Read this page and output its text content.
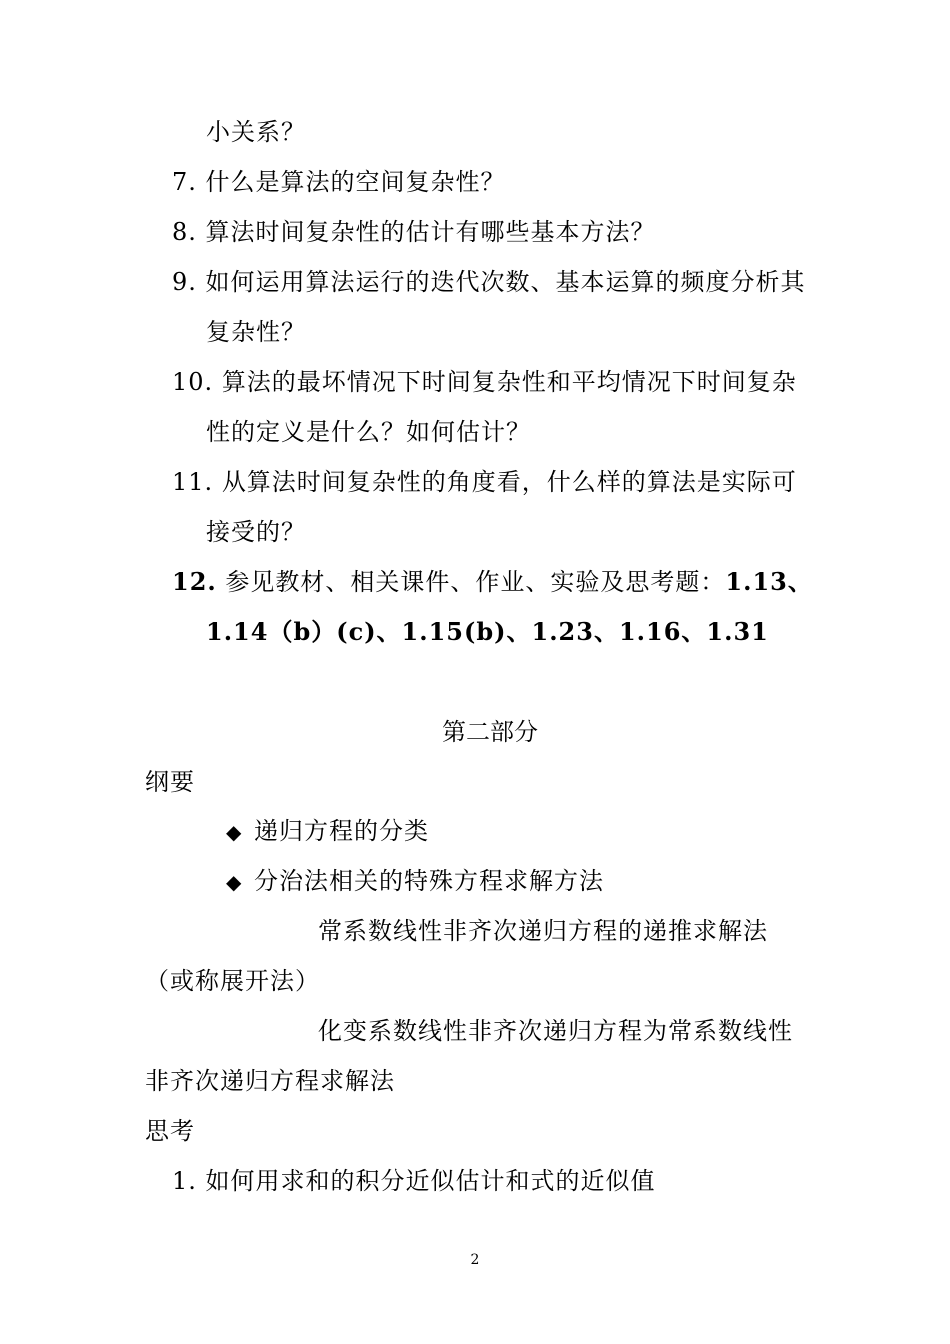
小关系？
7. 什么是算法的空间复杂性？
8. 算法时间复杂性的估计有哪些基本方法？
9. 如何运用算法运行的迭代次数、基本运算的频度分析其
复杂性？
10. 算法的最坏情况下时间复杂性和平均情况下时间复杂
性的定义是什么？如何估计？
11. 从算法时间复杂性的角度看，什么样的算法是实际可
接受的？
12. 参见教材、相关课件、作业、实验及思考题：1.13、
1.14（b）(c)、1.15(b)、1.23、1.16、1.31
第二部分
纲要
◆ 递归方程的分类
◆ 分治法相关的特殊方程求解方法
常系数线性非齐次递归方程的递推求解法
（或称展开法）
化变系数线性非齐次递归方程为常系数线性
非齐次递归方程求解法
思考
1. 如何用求和的积分近似估计和式的近似值
2
